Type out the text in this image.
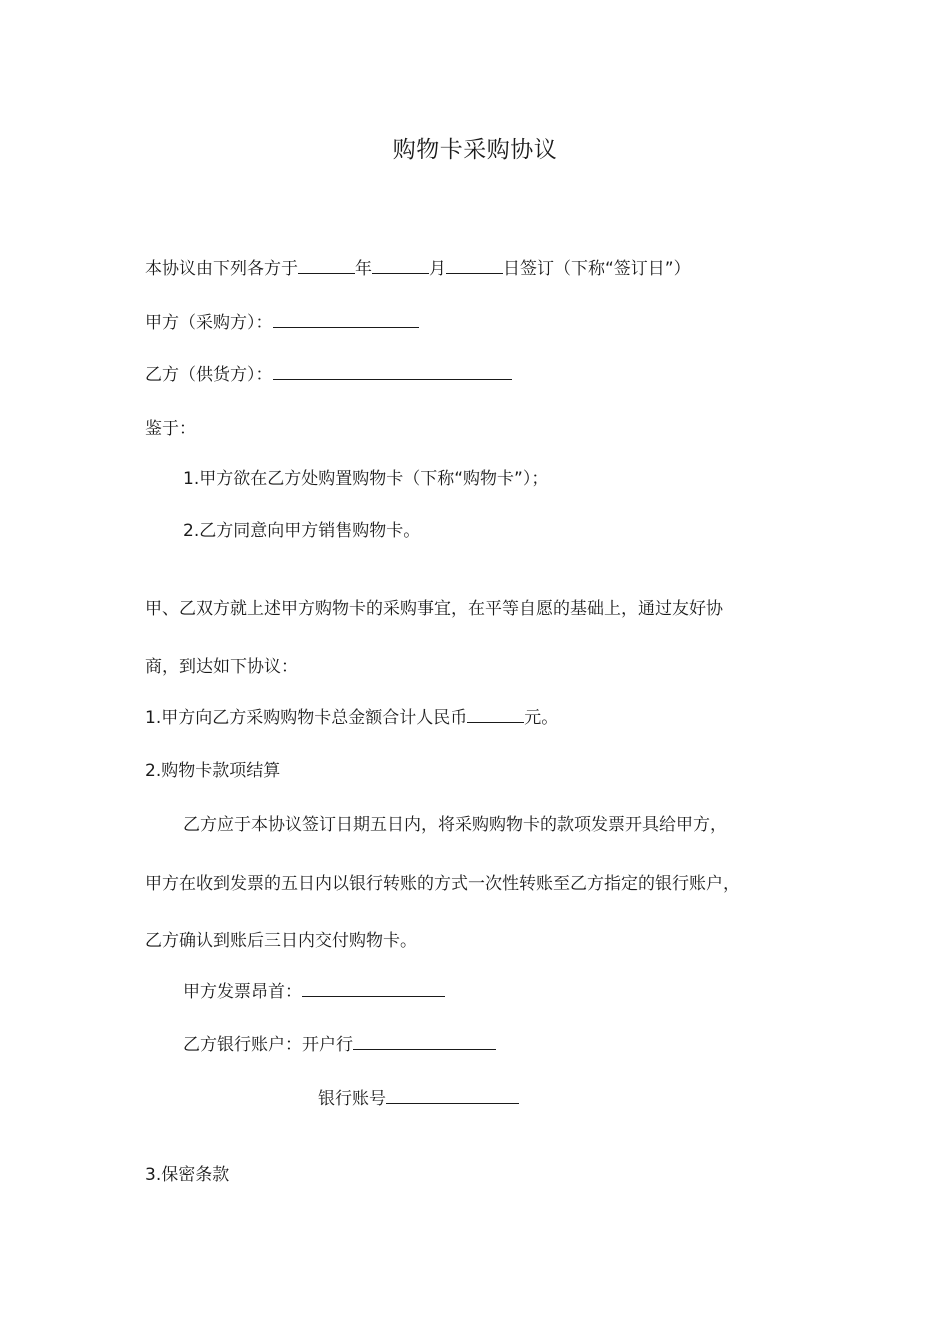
购物卡采购协议
本协议由下列各方于	年	月	日签订（下称“签订日”）
甲方（采购方）：
乙方（供货方）：
鉴于：
1.甲方欲在乙方处购置购物卡（下称“购物卡”）；
2.乙方同意向甲方销售购物卡。
甲、乙双方就上述甲方购物卡的采购事宜，在平等自愿的基础上，通过友好协
商，到达如下协议：
1.甲方向乙方采购购物卡总金额合计人民币	元。
2.购物卡款项结算
乙方应于本协议签订日期五日内，将采购购物卡的款项发票开具给甲方，
甲方在收到发票的五日内以银行转账的方式一次性转账至乙方指定的银行账户，
乙方确认到账后三日内交付购物卡。
甲方发票昂首：
乙方银行账户：开户行
银行账号
3.保密条款
